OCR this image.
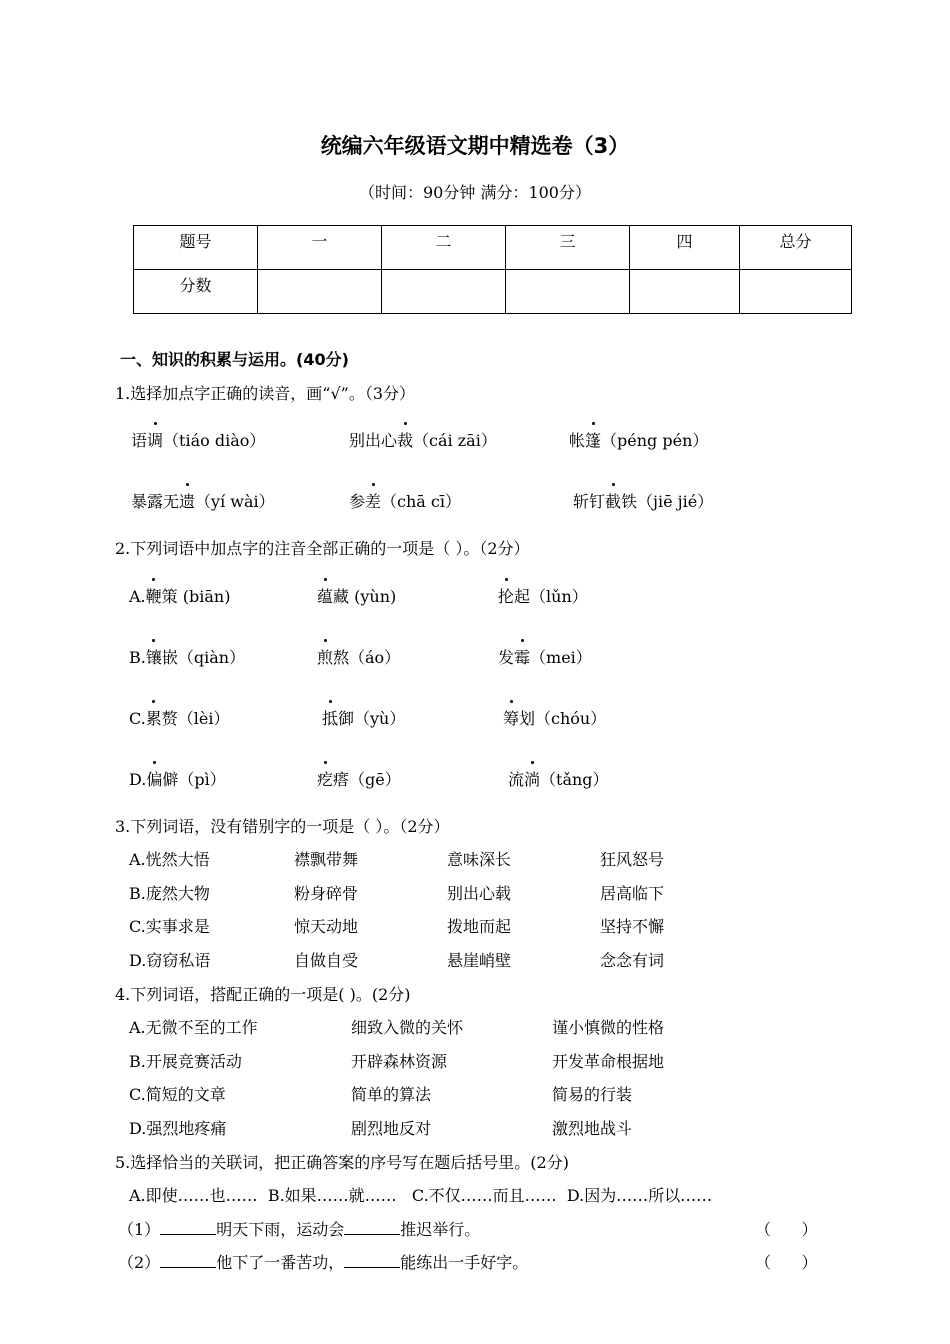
统编六年级语文期中精选卷（3）
（时间：90分钟 满分：100分）
题号	一	二	三	四	总分
分数					
一、知识的积累与运用。(40分)
1.选择加点字正确的读音，画“√”。（3分）
语调（tiáo diào）	别出心裁（cái zāi）	帐篷（péng pén）
暴露无遗（yí wài）	参差（chā cī）	斩钉截铁（jiē jié）
2.下列词语中加点字的注音全部正确的一项是（ ）。（2分）
A.鞭策 (biān)	蕴藏 (yùn)	抡起（lǔn）
B.镶嵌（qiàn）	煎熬（áo）	发霉（mei）
C.累赘（lèi）	抵御（yù）	筹划（chóu）
D.偏僻（pì）	疙瘩（gē）	流淌（tǎng）
3.下列词语，没有错别字的一项是（ ）。（2分）
A.恍然大悟	襟飘带舞	意味深长	狂风怒号
B.庞然大物	粉身碎骨	别出心载	居高临下
C.实事求是	惊天动地	拨地而起	坚持不懈
D.窃窃私语	自做自受	悬崖峭壁	念念有词
4.下列词语，搭配正确的一项是( )。(2分)
A.无微不至的工作	细致入微的关怀	谨小慎微的性格
B.开展竞赛活动	开辟森林资源	开发革命根据地
C.简短的文章	简单的算法	简易的行装
D.强烈地疼痛	剧烈地反对	激烈地战斗
5.选择恰当的关联词，把正确答案的序号写在题后括号里。(2分)
A.即使……也……  B.如果……就……   C.不仅……而且……  D.因为……所以……
（1）	明天下雨，运动会	推迟举行。	（      ）
（2）	他下了一番苦功，	能练出一手好字。	（      ）
